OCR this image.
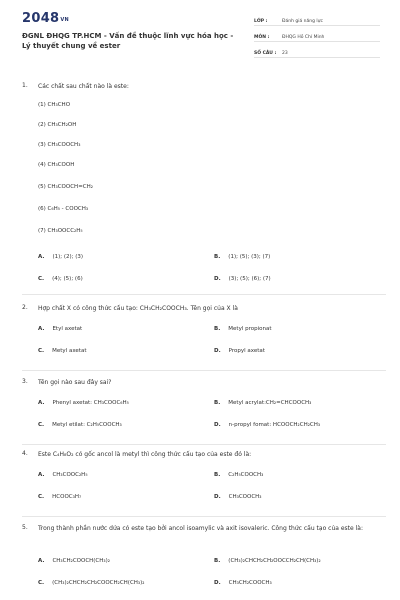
$2048_{VN}$
ĐGNL ĐHQG TP.HCM - Vấn đề thuộc lĩnh vực hóa học - Lý thuyết chung về ester
LỚP :	Đánh giá năng lực
MÔN :	ĐHQG Hồ Chí Minh
SỐ CÂU :	23
1. Các chất sau chất nào là este:
(1) CH₃CHO
(2) CH₃CH₂OH
(3) CH₃COOCH₃
(4) CH₃COOH
(5) CH₃COOCH=CH₂
(6) C₆H₅ - COOCH₃
(7) CH₃OOCC₂H₅
A. (1); (2); (3)	B. (1); (5); (3); (7)
C. (4); (5); (6)	D. (3); (5); (6); (7)
2. Hợp chất X có công thức cấu tạo: CH₃CH₂COOCH₃. Tên gọi của X là
A. Etyl axetat	B. Metyl propionat
C. Metyl axetat	D. Propyl axetat
3. Tên gọi nào sau đây sai?
A. Phenyl axetat: CH₃COOC₆H₅	B. Metyl acrylat:CH₂=CHCOOCH₃
C. Metyl etilat: C₂H₅COOCH₃	D. n-propyl fomat: HCOOCH₂CH₂CH₃
4. Este C₄H₈O₂ có gốc ancol là metyl thì công thức cấu tạo của este đó là:
A. CH₃COOC₂H₅	B. C₂H₅COOCH₃
C. HCOOC₃H₇	D. CH₃COOCH₃
5. Trong thành phần nước dứa có este tạo bởi ancol isoamylic và axit isovaleric. Công thức cấu tạo của este là:
A. CH₃CH₂COOCH(CH₃)₂	B. (CH₃)₂CHCH₂CH₂OOCCH₂CH(CH₃)₂
C. (CH₃)₂CHCH₂CH₂COOCH₂CH(CH₃)₂	D. CH₃CH₂COOCH₃
